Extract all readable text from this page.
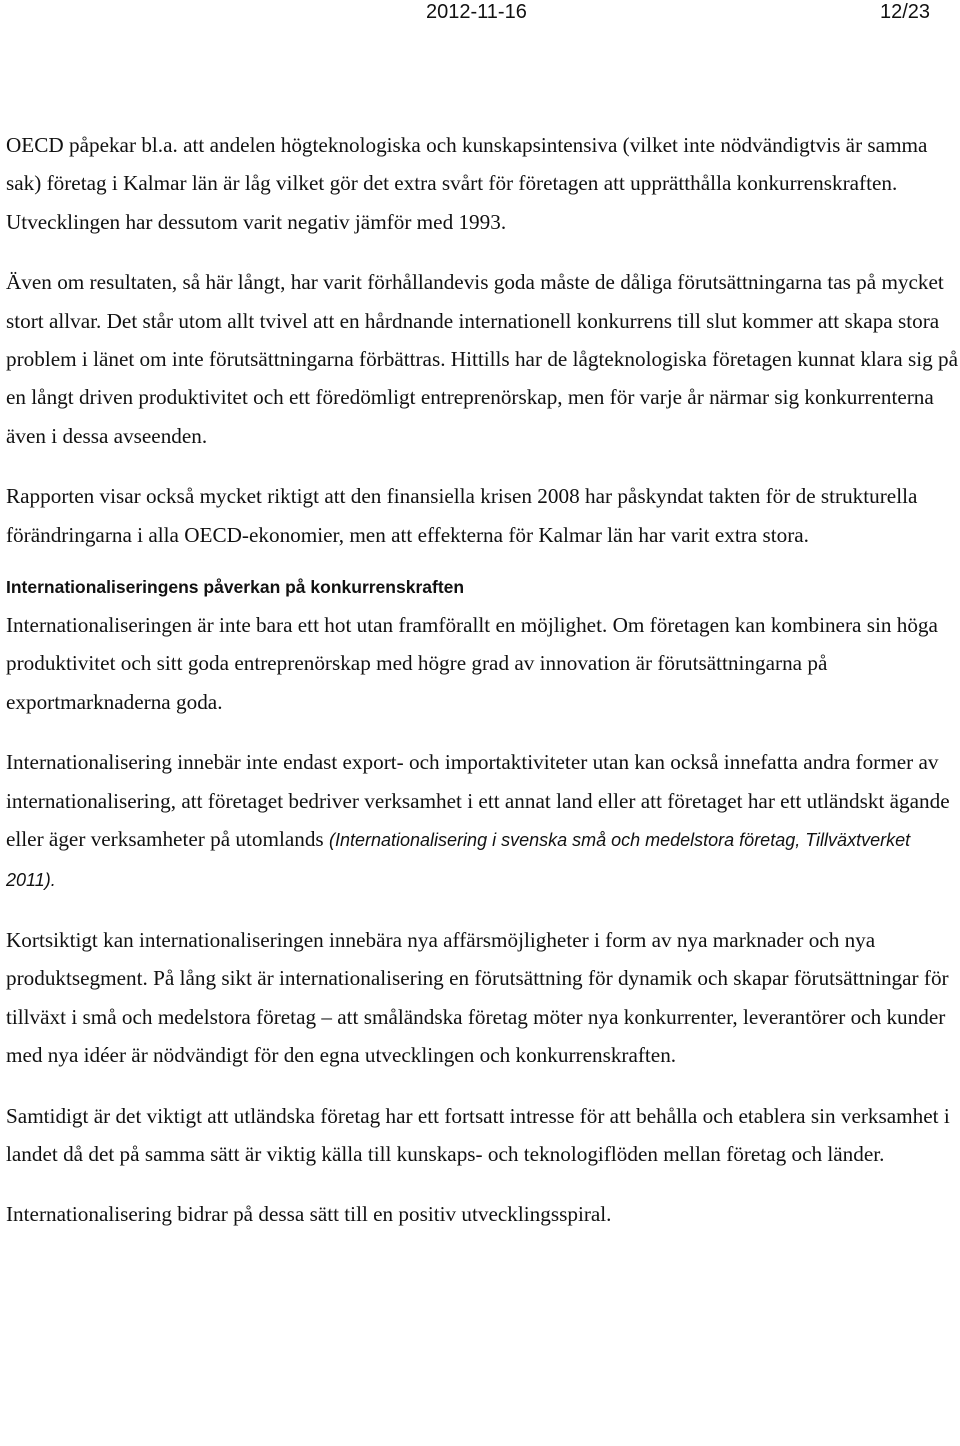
2012-11-16	12/23

OECD påpekar bl.a. att andelen högteknologiska och kunskapsintensiva (vilket inte nödvändigtvis är samma sak) företag i Kalmar län är låg vilket gör det extra svårt för företagen att upprätthålla konkurrenskraften. Utvecklingen har dessutom varit negativ jämför med 1993.

Även om resultaten, så här långt, har varit förhållandevis goda måste de dåliga förutsättningarna tas på mycket stort allvar. Det står utom allt tvivel att en hårdnande internationell konkurrens till slut kommer att skapa stora problem i länet om inte förutsättningarna förbättras. Hittills har de lågteknologiska företagen kunnat klara sig på en långt driven produktivitet och ett föredömligt entreprenörskap, men för varje år närmar sig konkurrenterna även i dessa avseenden.

Rapporten visar också mycket riktigt att den finansiella krisen 2008 har påskyndat takten för de strukturella förändringarna i alla OECD-ekonomier, men att effekterna för Kalmar län har varit extra stora.

Internationaliseringens påverkan på konkurrenskraften

Internationaliseringen är inte bara ett hot utan framförallt en möjlighet. Om företagen kan kombinera sin höga produktivitet och sitt goda entreprenörskap med högre grad av innovation är förutsättningarna på exportmarknaderna goda.

Internationalisering innebär inte endast export- och importaktiviteter utan kan också innefatta andra former av internationalisering, att företaget bedriver verksamhet i ett annat land eller att företaget har ett utländskt ägande eller äger verksamheter på utomlands (Internationalisering i svenska små och medelstora företag, Tillväxtverket 2011).

Kortsiktigt kan internationaliseringen innebära nya affärsmöjligheter i form av nya marknader och nya produktsegment. På lång sikt är internationalisering en förutsättning för dynamik och skapar förutsättningar för tillväxt i små och medelstora företag – att småländska företag möter nya konkurrenter, leverantörer och kunder med nya idéer är nödvändigt för den egna utvecklingen och konkurrenskraften.

Samtidigt är det viktigt att utländska företag har ett fortsatt intresse för att behålla och etablera sin verksamhet i landet då det på samma sätt är viktig källa till kunskaps- och teknologiflöden mellan företag och länder.

Internationalisering bidrar på dessa sätt till en positiv utvecklingsspiral.
